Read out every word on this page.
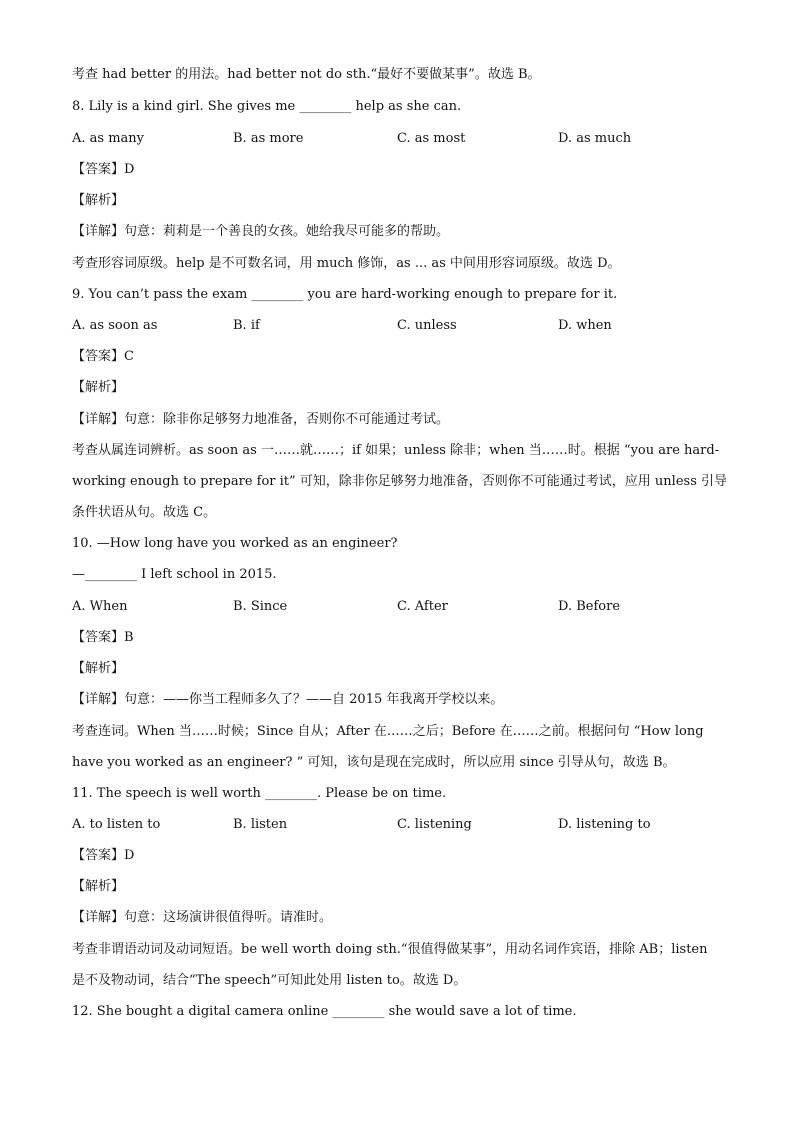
考查 had better 的用法。had better not do sth.“最好不要做某事”。故选 B。
8. Lily is a kind girl. She gives me ________ help as she can.
A. as many	B. as more	C. as most	D. as much
【答案】D
【解析】
【详解】句意：莉莉是一个善良的女孩。她给我尽可能多的帮助。
考查形容词原级。help 是不可数名词，用 much 修饰，as ... as 中间用形容词原级。故选 D。
9. You can’t pass the exam ________ you are hard-working enough to prepare for it.
A. as soon as	B. if	C. unless	D. when
【答案】C
【解析】
【详解】句意：除非你足够努力地准备，否则你不可能通过考试。
考查从属连词辨析。as soon as 一……就……；if 如果；unless 除非；when 当……时。根据 “you are hard-
working enough to prepare for it” 可知，除非你足够努力地准备，否则你不可能通过考试，应用 unless 引导
条件状语从句。故选 C。
10. —How long have you worked as an engineer?
—________ I left school in 2015.
A. When	B. Since	C. After	D. Before
【答案】B
【解析】
【详解】句意：——你当工程师多久了？——自 2015 年我离开学校以来。
考查连词。When 当……时候；Since 自从；After 在……之后；Before 在……之前。根据问句 “How long
have you worked as an engineer? ” 可知，该句是现在完成时，所以应用 since 引导从句，故选 B。
11. The speech is well worth ________. Please be on time.
A. to listen to	B. listen	C. listening	D. listening to
【答案】D
【解析】
【详解】句意：这场演讲很值得听。请准时。
考查非谓语动词及动词短语。be well worth doing sth.“很值得做某事”，用动名词作宾语，排除 AB；listen
是不及物动词，结合“The speech”可知此处用 listen to。故选 D。
12. She bought a digital camera online ________ she would save a lot of time.
